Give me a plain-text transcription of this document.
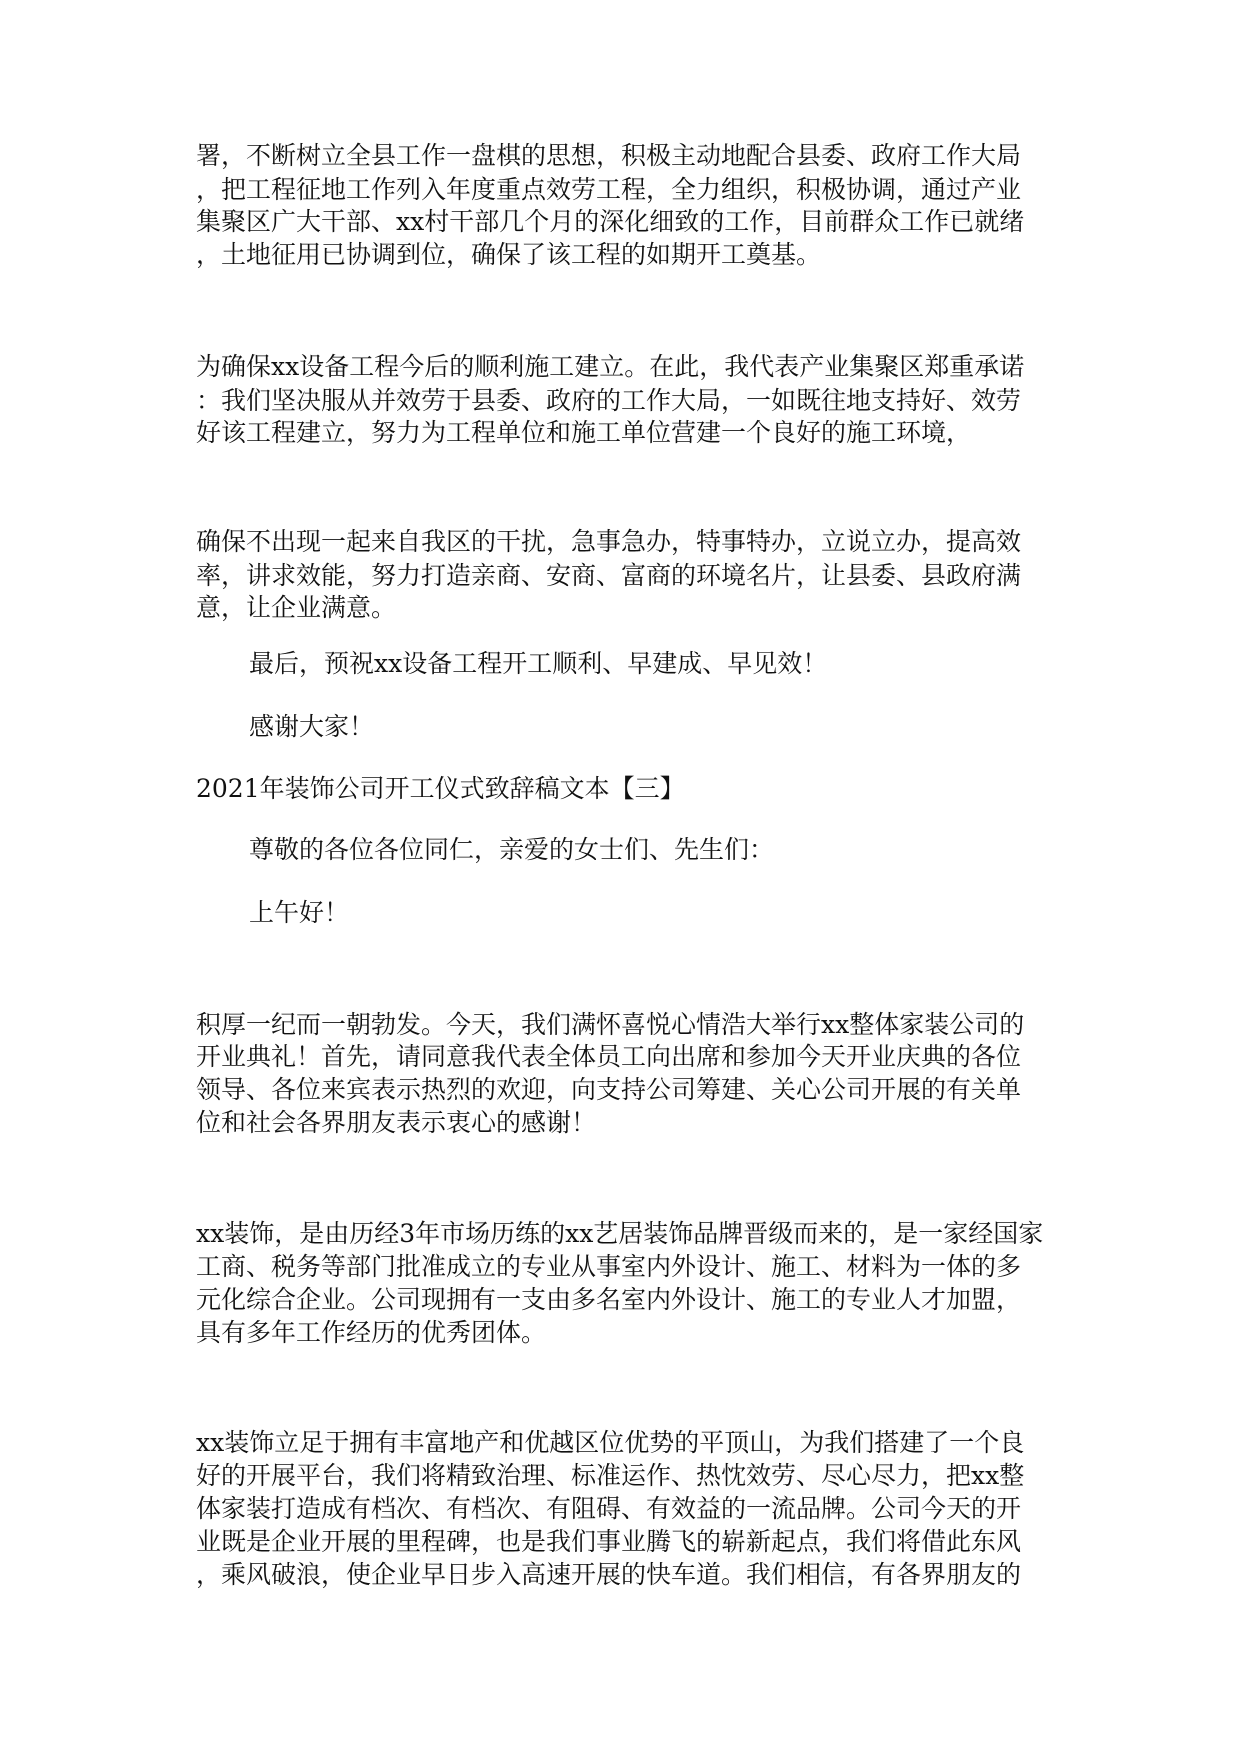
署，不断树立全县工作一盘棋的思想，积极主动地配合县委、政府工作大局
，把工程征地工作列入年度重点效劳工程，全力组织，积极协调，通过产业
集聚区广大干部、xx村干部几个月的深化细致的工作，目前群众工作已就绪
，土地征用已协调到位，确保了该工程的如期开工奠基。
为确保xx设备工程今后的顺利施工建立。在此，我代表产业集聚区郑重承诺
：我们坚决服从并效劳于县委、政府的工作大局，一如既往地支持好、效劳
好该工程建立，努力为工程单位和施工单位营建一个良好的施工环境，
确保不出现一起来自我区的干扰，急事急办，特事特办，立说立办，提高效
率，讲求效能，努力打造亲商、安商、富商的环境名片，让县委、县政府满
意，让企业满意。
最后，预祝xx设备工程开工顺利、早建成、早见效！
感谢大家！
2021年装饰公司开工仪式致辞稿文本【三】
尊敬的各位各位同仁，亲爱的女士们、先生们：
上午好！
积厚一纪而一朝勃发。今天，我们满怀喜悦心情浩大举行xx整体家装公司的
开业典礼！首先，请同意我代表全体员工向出席和参加今天开业庆典的各位
领导、各位来宾表示热烈的欢迎，向支持公司筹建、关心公司开展的有关单
位和社会各界朋友表示衷心的感谢！
xx装饰，是由历经3年市场历练的xx艺居装饰品牌晋级而来的，是一家经国家
工商、税务等部门批准成立的专业从事室内外设计、施工、材料为一体的多
元化综合企业。公司现拥有一支由多名室内外设计、施工的专业人才加盟，
具有多年工作经历的优秀团体。
xx装饰立足于拥有丰富地产和优越区位优势的平顶山，为我们搭建了一个良
好的开展平台，我们将精致治理、标准运作、热忱效劳、尽心尽力，把xx整
体家装打造成有档次、有档次、有阻碍、有效益的一流品牌。公司今天的开
业既是企业开展的里程碑，也是我们事业腾飞的崭新起点，我们将借此东风
，乘风破浪，使企业早日步入高速开展的快车道。我们相信，有各界朋友的
